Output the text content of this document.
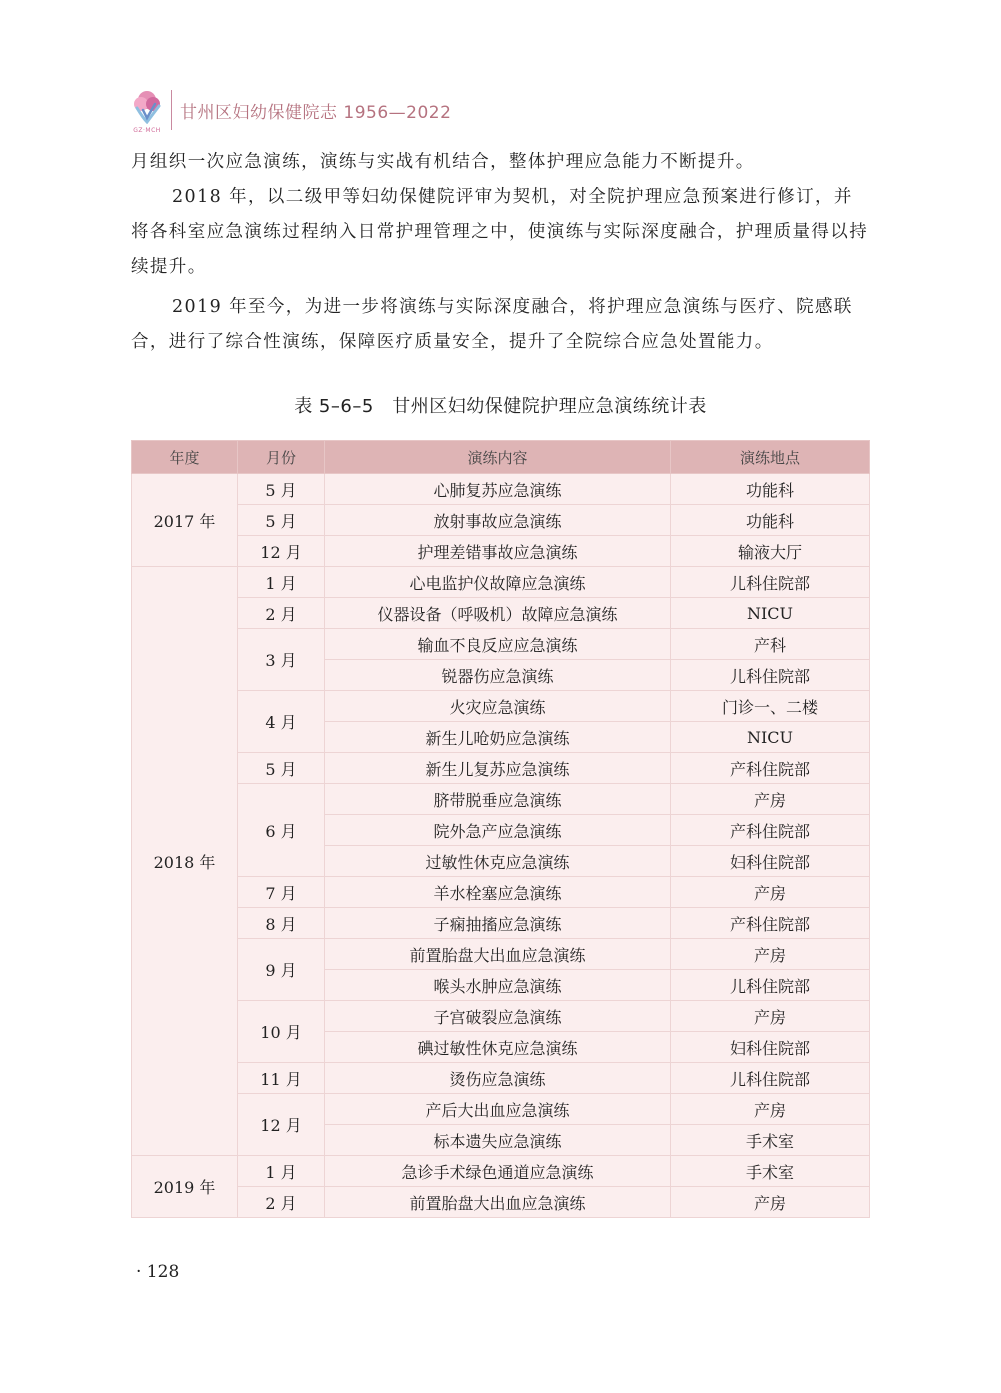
GZ·MCH
甘州区妇幼保健院志 1956—2022
月组织一次应急演练，演练与实战有机结合，整体护理应急能力不断提升。
2018 年，以二级甲等妇幼保健院评审为契机，对全院护理应急预案进行修订，并将各科室应急演练过程纳入日常护理管理之中，使演练与实际深度融合，护理质量得以持续提升。
2019 年至今，为进一步将演练与实际深度融合，将护理应急演练与医疗、院感联合，进行了综合性演练，保障医疗质量安全，提升了全院综合应急处置能力。
表 5–6–5　甘州区妇幼保健院护理应急演练统计表
年度	月份	演练内容	演练地点
2017 年	5 月	心肺复苏应急演练	功能科
	5 月	放射事故应急演练	功能科
	12 月	护理差错事故应急演练	输液大厅
2018 年	1 月	心电监护仪故障应急演练	儿科住院部
	2 月	仪器设备（呼吸机）故障应急演练	NICU
	3 月	输血不良反应应急演练	产科
		锐器伤应急演练	儿科住院部
	4 月	火灾应急演练	门诊一、二楼
		新生儿呛奶应急演练	NICU
	5 月	新生儿复苏应急演练	产科住院部
	6 月	脐带脱垂应急演练	产房
		院外急产应急演练	产科住院部
		过敏性休克应急演练	妇科住院部
	7 月	羊水栓塞应急演练	产房
	8 月	子痫抽搐应急演练	产科住院部
	9 月	前置胎盘大出血应急演练	产房
		喉头水肿应急演练	儿科住院部
	10 月	子宫破裂应急演练	产房
		碘过敏性休克应急演练	妇科住院部
	11 月	烫伤应急演练	儿科住院部
	12 月	产后大出血应急演练	产房
		标本遗失应急演练	手术室
2019 年	1 月	急诊手术绿色通道应急演练	手术室
	2 月	前置胎盘大出血应急演练	产房
· 128
